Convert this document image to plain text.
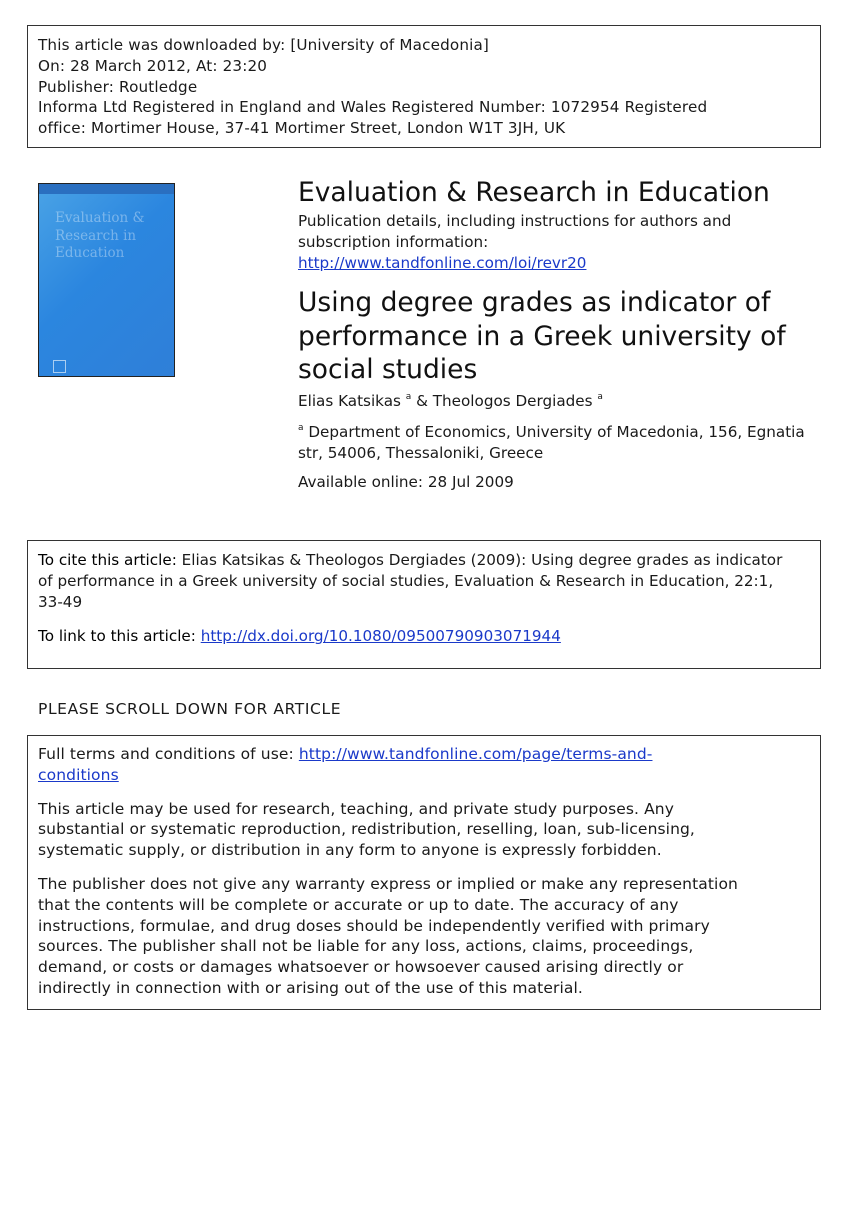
This article was downloaded by: [University of Macedonia]
On: 28 March 2012, At: 23:20
Publisher: Routledge
Informa Ltd Registered in England and Wales Registered Number: 1072954 Registered
office: Mortimer House, 37-41 Mortimer Street, London W1T 3JH, UK
Evaluation &
Research in
Education
Evaluation & Research in Education
Publication details, including instructions for authors and
subscription information:
http://www.tandfonline.com/loi/revr20
Using degree grades as indicator of
performance in a Greek university of
social studies
Elias Katsikas $^a$ & Theologos Dergiades $^a$
$^a$ Department of Economics, University of Macedonia, 156, Egnatia
str, 54006, Thessaloniki, Greece
Available online: 28 Jul 2009
To cite this article: Elias Katsikas & Theologos Dergiades (2009): Using degree grades as indicator
of performance in a Greek university of social studies, Evaluation & Research in Education, 22:1,
33-49
To link to this article: http://dx.doi.org/10.1080/09500790903071944
PLEASE SCROLL DOWN FOR ARTICLE

Full terms and conditions of use: http://www.tandfonline.com/page/terms-and-
conditions

This article may be used for research, teaching, and private study purposes. Any
substantial or systematic reproduction, redistribution, reselling, loan, sub-licensing,
systematic supply, or distribution in any form to anyone is expressly forbidden.

The publisher does not give any warranty express or implied or make any representation
that the contents will be complete or accurate or up to date. The accuracy of any
instructions, formulae, and drug doses should be independently verified with primary
sources. The publisher shall not be liable for any loss, actions, claims, proceedings,
demand, or costs or damages whatsoever or howsoever caused arising directly or
indirectly in connection with or arising out of the use of this material.
